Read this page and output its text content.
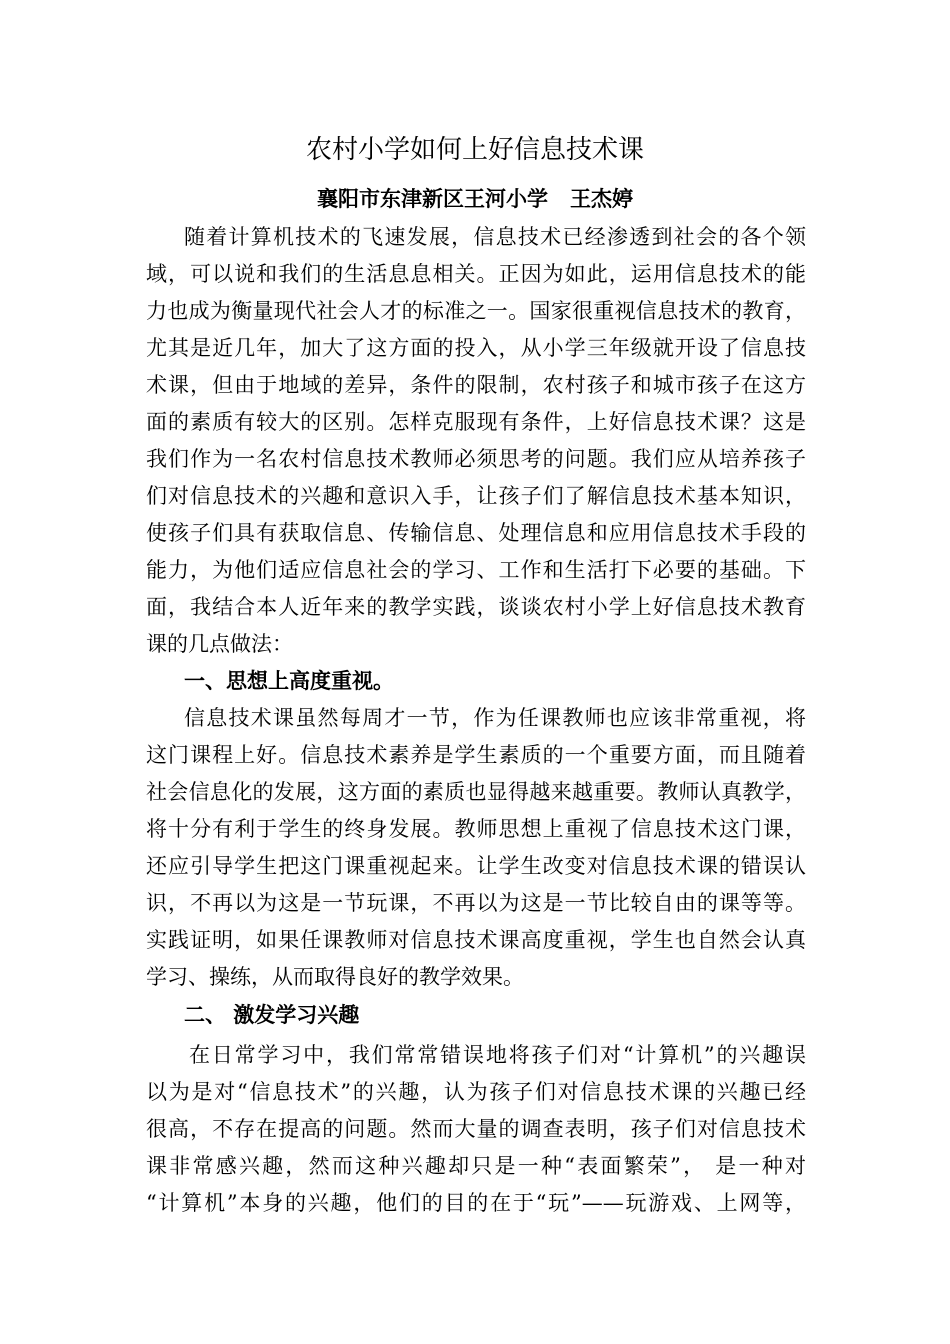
农村小学如何上好信息技术课

襄阳市东津新区王河小学 王杰婷

随着计算机技术的飞速发展，信息技术已经渗透到社会的各个领

域，可以说和我们的生活息息相关。正因为如此，运用信息技术的能

力也成为衡量现代社会人才的标准之一。国家很重视信息技术的教育，

尤其是近几年，加大了这方面的投入，从小学三年级就开设了信息技

术课，但由于地域的差异，条件的限制，农村孩子和城市孩子在这方

面的素质有较大的区别。怎样克服现有条件，上好信息技术课？这是

我们作为一名农村信息技术教师必须思考的问题。我们应从培养孩子

们对信息技术的兴趣和意识入手，让孩子们了解信息技术基本知识，

使孩子们具有获取信息、传输信息、处理信息和应用信息技术手段的

能力，为他们适应信息社会的学习、工作和生活打下必要的基础。下

面，我结合本人近年来的教学实践，谈谈农村小学上好信息技术教育

课的几点做法：

一、思想上高度重视。

信息技术课虽然每周才一节，作为任课教师也应该非常重视，将

这门课程上好。信息技术素养是学生素质的一个重要方面，而且随着

社会信息化的发展，这方面的素质也显得越来越重要。教师认真教学，

将十分有利于学生的终身发展。教师思想上重视了信息技术这门课，

还应引导学生把这门课重视起来。让学生改变对信息技术课的错误认

识，不再以为这是一节玩课，不再以为这是一节比较自由的课等等。

实践证明，如果任课教师对信息技术课高度重视，学生也自然会认真

学习、操练，从而取得良好的教学效果。

二、 激发学习兴趣

在日常学习中，我们常常错误地将孩子们对“计算机”的兴趣误

以为是对“信息技术”的兴趣，认为孩子们对信息技术课的兴趣已经

很高，不存在提高的问题。然而大量的调查表明，孩子们对信息技术

课非常感兴趣，然而这种兴趣却只是一种“表面繁荣”， 是一种对

“计算机”本身的兴趣，他们的目的在于“玩”——玩游戏、上网等，
